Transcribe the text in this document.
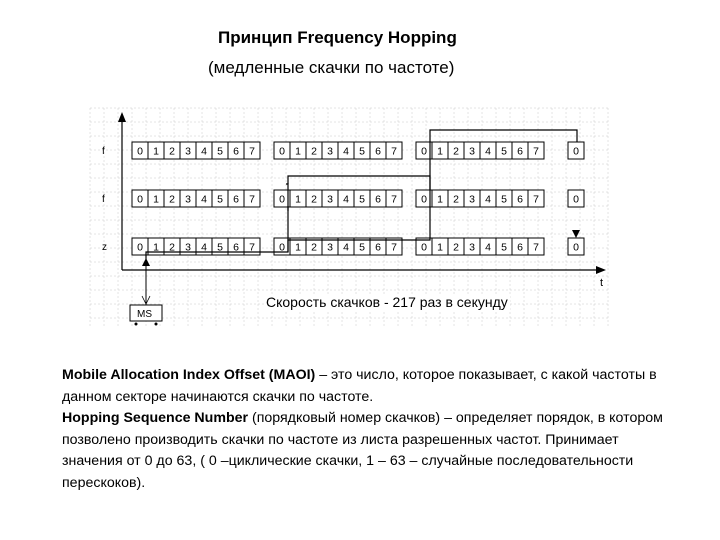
Принцип Frequency Hopping
(медленные скачки по частоте)
t
f	0 1 2 3 4 5 6 7 0 1 2 3 4 5 6 7 0 1 2 3 4 5 6 7	0
f	0 1 2 3 4 5 6 7 0 1 2 3 4 5 6 7 0 1 2 3 4 5 6 7	0
z	0 1 2 3 4 5 6 7 0 1 2 3 4 5 6 7 0 1 2 3 4 5 6 7	0
MS
Скорость скачков - 217 раз в секунду

Mobile Allocation Index Offset (MAOI) – это число, которое показывает, с какой частоты в данном секторе начинаются скачки по частоте.

Hopping Sequence Number (порядковый номер скачков) – определяет порядок, в котором позволено производить скачки по частоте из листа разрешенных частот. Принимает значения от 0 до 63, ( 0 –циклические скачки, 1 – 63 – случайные последовательности перескоков).
